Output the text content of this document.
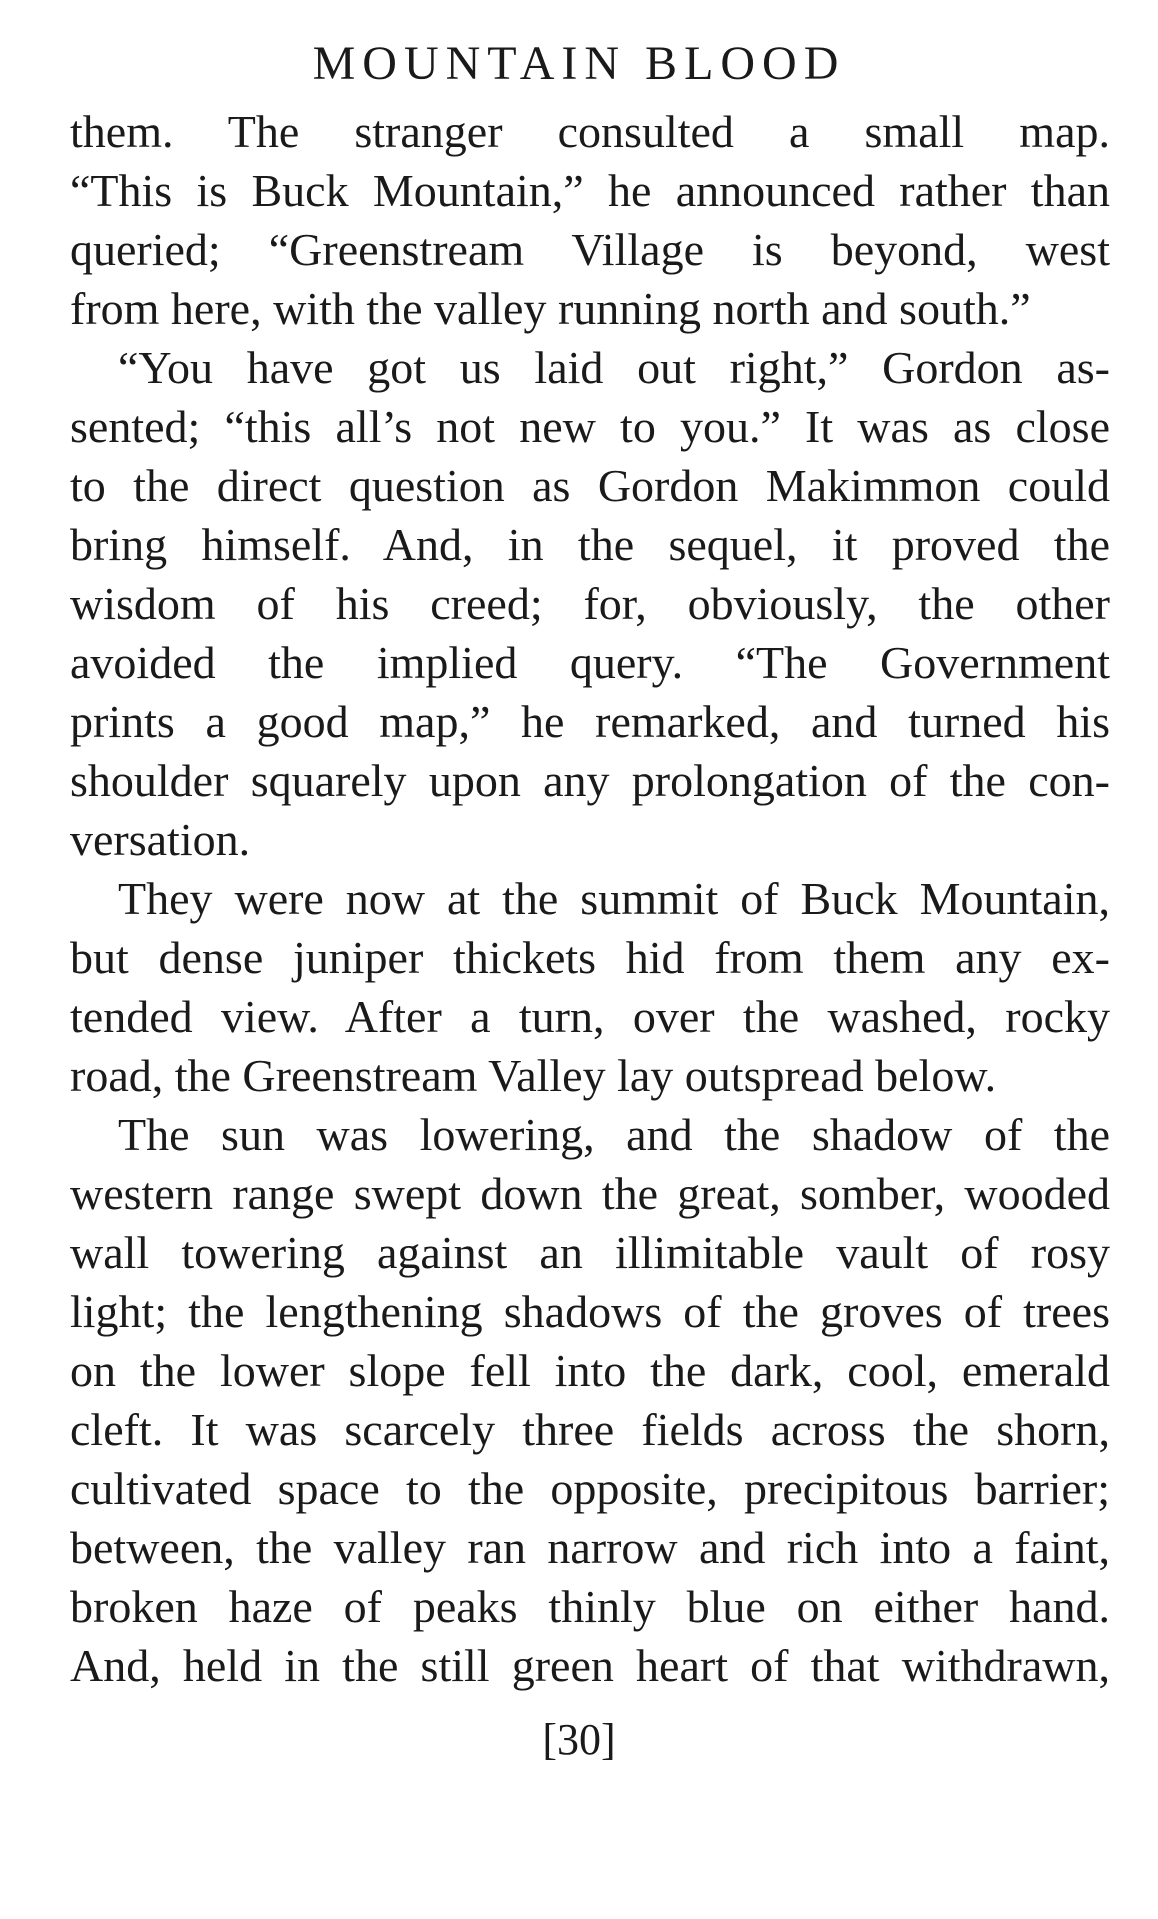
MOUNTAIN BLOOD
them. The stranger consulted a small map.
“This is Buck Mountain,” he announced rather than
queried; “Greenstream Village is beyond, west
from here, with the valley running north and south.”
“You have got us laid out right,” Gordon as-
sented; “this all’s not new to you.” It was as close
to the direct question as Gordon Makimmon could
bring himself. And, in the sequel, it proved the
wisdom of his creed; for, obviously, the other
avoided the implied query. “The Government
prints a good map,” he remarked, and turned his
shoulder squarely upon any prolongation of the con-
versation.
They were now at the summit of Buck Mountain,
but dense juniper thickets hid from them any ex-
tended view. After a turn, over the washed, rocky
road, the Greenstream Valley lay outspread below.
The sun was lowering, and the shadow of the
western range swept down the great, somber, wooded
wall towering against an illimitable vault of rosy
light; the lengthening shadows of the groves of trees
on the lower slope fell into the dark, cool, emerald
cleft. It was scarcely three fields across the shorn,
cultivated space to the opposite, precipitous barrier;
between, the valley ran narrow and rich into a faint,
broken haze of peaks thinly blue on either hand.
And, held in the still green heart of that withdrawn,
[30]
